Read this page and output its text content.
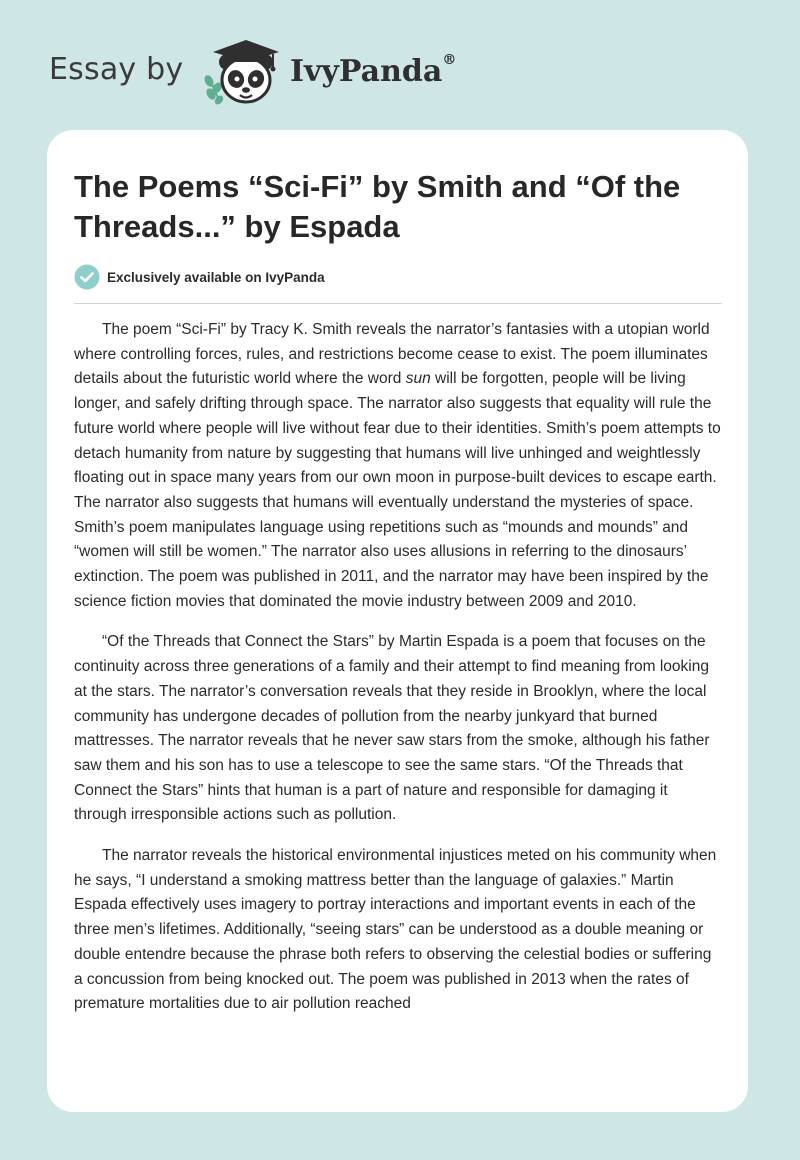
Essay by	IvyPanda®
The Poems “Sci-Fi” by Smith and “Of the Threads...” by Espada
Exclusively available on IvyPanda

The poem “Sci-Fi” by Tracy K. Smith reveals the narrator’s fantasies with a utopian world where controlling forces, rules, and restrictions become cease to exist. The poem illuminates details about the futuristic world where the word sun will be forgotten, people will be living longer, and safely drifting through space. The narrator also suggests that equality will rule the future world where people will live without fear due to their identities. Smith’s poem attempts to detach humanity from nature by suggesting that humans will live unhinged and weightlessly floating out in space many years from our own moon in purpose-built devices to escape earth. The narrator also suggests that humans will eventually understand the mysteries of space. Smith’s poem manipulates language using repetitions such as “mounds and mounds” and “women will still be women.” The narrator also uses allusions in referring to the dinosaurs’ extinction. The poem was published in 2011, and the narrator may have been inspired by the science fiction movies that dominated the movie industry between 2009 and 2010.

“Of the Threads that Connect the Stars” by Martin Espada is a poem that focuses on the continuity across three generations of a family and their attempt to find meaning from looking at the stars. The narrator’s conversation reveals that they reside in Brooklyn, where the local community has undergone decades of pollution from the nearby junkyard that burned mattresses. The narrator reveals that he never saw stars from the smoke, although his father saw them and his son has to use a telescope to see the same stars. “Of the Threads that Connect the Stars” hints that human is a part of nature and responsible for damaging it through irresponsible actions such as pollution.

The narrator reveals the historical environmental injustices meted on his community when he says, “I understand a smoking mattress better than the language of galaxies.” Martin Espada effectively uses imagery to portray interactions and important events in each of the three men’s lifetimes. Additionally, “seeing stars” can be understood as a double meaning or double entendre because the phrase both refers to observing the celestial bodies or suffering a concussion from being knocked out. The poem was published in 2013 when the rates of premature mortalities due to air pollution reached
